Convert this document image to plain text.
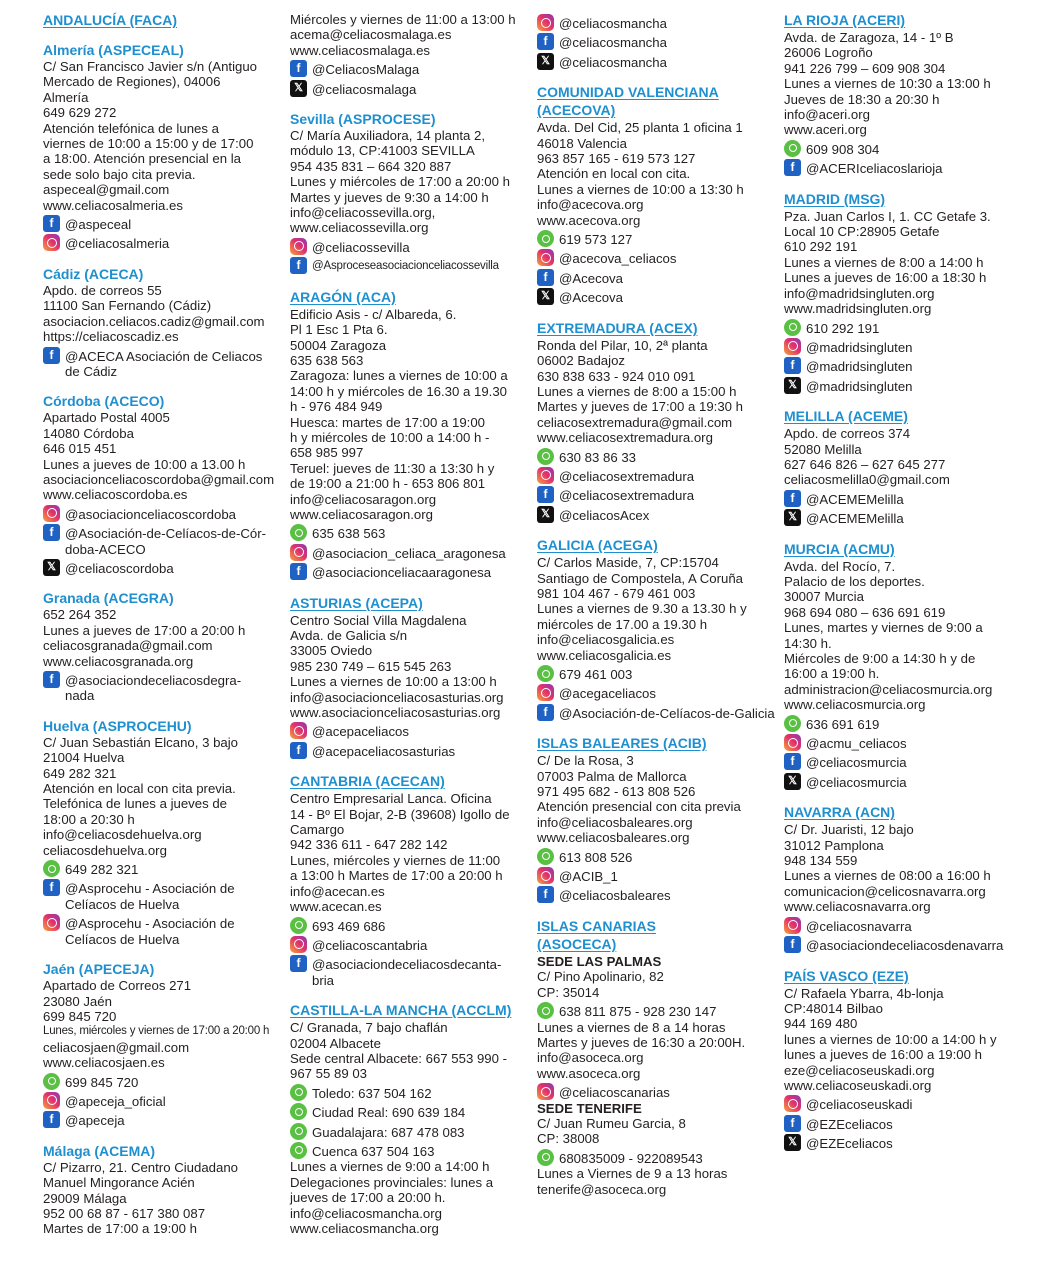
ANDALUCÍA (FACA)
Almería (ASPECEAL)
C/ San Francisco Javier s/n (Antiguo
Mercado de Regiones), 04006
Almería
649 629 272
Atención telefónica de lunes a
viernes de 10:00 a 15:00 y de 17:00
a 18:00. Atención presencial en la
sede solo bajo cita previa.
aspeceal@gmail.com
www.celiacosalmeria.es
f @aspeceal
@celiacosalmeria
Cádiz (ACECA)
Apdo. de correos 55
11100 San Fernando (Cádiz)
asociacion.celiacos.cadiz@gmail.com
https://celiacoscadiz.es
f @ACECA Asociación de Celiacos
de Cádiz
Córdoba (ACECO)
Apartado Postal 4005
14080 Córdoba
646 015 451
Lunes a jueves de 10:00 a 13.00 h
asociacionceliacoscordoba@gmail.com
www.celiacoscordoba.es
@asociacionceliacoscordoba
f @Asociación-de-Celíacos-de-Cór-
doba-ACECO
𝕏 @celiacoscordoba
Granada (ACEGRA)
652 264 352
Lunes a jueves de 17:00 a 20:00 h
celiacosgranada@gmail.com
www.celiacosgranada.org
f @asociaciondeceliacosdegra-
nada
Huelva (ASPROCEHU)
C/ Juan Sebastián Elcano, 3 bajo
21004 Huelva
649 282 321
Atención en local con cita previa.
Telefónica de lunes a jueves de
18:00 a 20:30 h
info@celiacosdehuelva.org
celiacosdehuelva.org
649 282 321
f @Asprocehu - Asociación de
Celíacos de Huelva
@Asprocehu - Asociación de
Celíacos de Huelva
Jaén (APECEJA)
Apartado de Correos 271
23080 Jaén
699 845 720
Lunes, miércoles y viernes de 17:00 a 20:00 h
celiacosjaen@gmail.com
www.celiacosjaen.es
699 845 720
@apeceja_oficial
f @apeceja
Málaga (ACEMA)
C/ Pizarro, 21. Centro Ciudadano
Manuel Mingorance Acién
29009 Málaga
952 00 68 87 - 617 380 087
Martes de 17:00 a 19:00 h
Miércoles y viernes de 11:00 a 13:00 h
acema@celiacosmalaga.es
www.celiacosmalaga.es
f @CeliacosMalaga
𝕏 @celiacosmalaga
Sevilla (ASPROCESE)
C/ María Auxiliadora, 14 planta 2,
módulo 13, CP:41003 SEVILLA
954 435 831 – 664 320 887
Lunes y miércoles de 17:00 a 20:00 h
Martes y jueves de 9:30 a 14:00 h
info@celiacossevilla.org,
www.celiacossevilla.org
@celiacossevilla
f	@Asproceseasociacionceliacossevilla
ARAGÓN (ACA)
Edificio Asis - c/ Albareda, 6.
Pl 1 Esc 1 Pta 6.
50004 Zaragoza
635 638 563
Zaragoza: lunes a viernes de 10:00 a
14:00 h y miércoles de 16.30 a 19.30
h - 976 484 949
Huesca: martes de 17:00 a 19:00
h y miércoles de 10:00 a 14:00 h -
658 985 997
Teruel: jueves de 11:30 a 13:30 h y
de 19:00 a 21:00 h - 653 806 801
info@celiacosaragon.org
www.celiacosaragon.org
635 638 563
@asociacion_celiaca_aragonesa
f @asociacionceliacaaragonesa
ASTURIAS (ACEPA)
Centro Social Villa Magdalena
Avda. de Galicia s/n
33005 Oviedo
985 230 749 – 615 545 263
Lunes a viernes de 10:00 a 13:00 h
info@asociacionceliacosasturias.org
www.asociacionceliacosasturias.org
@acepaceliacos
f @acepaceliacosasturias
CANTABRIA (ACECAN)
Centro Empresarial Lanca. Oficina
14 - Bº El Bojar, 2-B (39608) Igollo de
Camargo
942 336 611 - 647 282 142
Lunes, miércoles y viernes de 11:00
a 13:00 h Martes de 17:00 a 20:00 h
info@acecan.es
www.acecan.es
693 469 686
@celiacoscantabria
f @asociaciondeceliacosdecanta-
bria
CASTILLA-LA MANCHA (ACCLM)
C/ Granada, 7 bajo chaflán
02004 Albacete
Sede central Albacete: 667 553 990 -
967 55 89 03
Toledo: 637 504 162
Ciudad Real: 690 639 184
Guadalajara: 687 478 083
Cuenca 637 504 163
Lunes a viernes de 9:00 a 14:00 h
Delegaciones provinciales: lunes a
jueves de 17:00 a 20:00 h.
info@celiacosmancha.org
www.celiacosmancha.org
@celiacosmancha
f @celiacosmancha
𝕏 @celiacosmancha
COMUNIDAD VALENCIANA
(ACECOVA)
Avda. Del Cid, 25 planta 1 oficina 1
46018 Valencia
963 857 165 - 619 573 127
Atención en local con cita.
Lunes a viernes de 10:00 a 13:30 h
info@acecova.org
www.acecova.org
619 573 127
@acecova_celiacos
f @Acecova
𝕏 @Acecova
EXTREMADURA (ACEX)
Ronda del Pilar, 10, 2ª planta
06002 Badajoz
630 838 633 - 924 010 091
Lunes a viernes de 8:00 a 15:00 h
Martes y jueves de 17:00 a 19:30 h
celiacosextremadura@gmail.com
www.celiacosextremadura.org
630 83 86 33
@celiacosextremadura
f @celiacosextremadura
𝕏 @celiacosAcex
GALICIA (ACEGA)
C/ Carlos Maside, 7, CP:15704
Santiago de Compostela, A Coruña
981 104 467 - 679 461 003
Lunes a viernes de 9.30 a 13.30 h y
miércoles de 17.00 a 19.30 h
info@celiacosgalicia.es
www.celiacosgalicia.es
679 461 003
@acegaceliacos
f @Asociación-de-Celíacos-de-Galicia
ISLAS BALEARES (ACIB)
C/ De la Rosa, 3
07003 Palma de Mallorca
971 495 682 - 613 808 526
Atención presencial con cita previa
info@celiacosbaleares.org
www.celiacosbaleares.org
613 808 526
@ACIB_1
f @celiacosbaleares
ISLAS CANARIAS
(ASOCECA)
SEDE LAS PALMAS
C/ Pino Apolinario, 82
CP: 35014
638 811 875 - 928 230 147
Lunes a viernes de 8 a 14 horas
Martes y jueves de 16:30 a 20:00H.
info@asoceca.org
www.asoceca.org
@celiacoscanarias
SEDE TENERIFE
C/ Juan Rumeu Garcia, 8
CP: 38008
680835009 - 922089543
Lunes a Viernes de 9 a 13 horas
tenerife@asoceca.org
LA RIOJA (ACERI)
Avda. de Zaragoza, 14 - 1º B
26006 Logroño
941 226 799 – 609 908 304
Lunes a viernes de 10:30 a 13:00 h
Jueves de 18:30 a 20:30 h
info@aceri.org
www.aceri.org
609 908 304
f @ACERIceliacoslarioja
MADRID (MSG)
Pza. Juan Carlos I, 1. CC Getafe 3.
Local 10 CP:28905 Getafe
610 292 191
Lunes a viernes de 8:00 a 14:00 h
Lunes a jueves de 16:00 a 18:30 h
info@madridsingluten.org
www.madridsingluten.org
610 292 191
@madridsingluten
f @madridsingluten
𝕏 @madridsingluten
MELILLA (ACEME)
Apdo. de correos 374
52080 Melilla
627 646 826 – 627 645 277
celiacosmelilla0@gmail.com
f @ACEMEMelilla
𝕏 @ACEMEMelilla
MURCIA (ACMU)
Avda. del Rocío, 7.
Palacio de los deportes.
30007 Murcia
968 694 080 – 636 691 619
Lunes, martes y viernes de 9:00 a
14:30 h.
Miércoles de 9:00 a 14:30 h y de
16:00 a 19:00 h.
administracion@celiacosmurcia.org
www.celiacosmurcia.org
636 691 619
@acmu_celiacos
f @celiacosmurcia
𝕏 @celiacosmurcia
NAVARRA (ACN)
C/ Dr. Juaristi, 12 bajo
31012 Pamplona
948 134 559
Lunes a viernes de 08:00 a 16:00 h
comunicacion@celicosnavarra.org
www.celiacosnavarra.org
@celiacosnavarra
f @asociaciondeceliacosdenavarra
PAÍS VASCO (EZE)
C/ Rafaela Ybarra, 4b-lonja
CP:48014 Bilbao
944 169 480
lunes a viernes de 10:00 a 14:00 h y
lunes a jueves de 16:00 a 19:00 h
eze@celiacoseuskadi.org
www.celiacoseuskadi.org
@celiacoseuskadi
f @EZEceliacos
𝕏 @EZEceliacos
